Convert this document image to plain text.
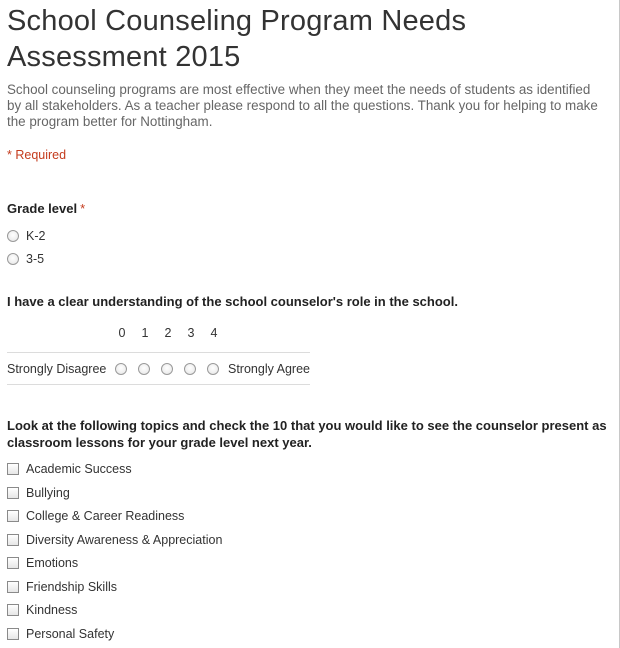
School Counseling Program Needs
Assessment 2015
School counseling programs are most effective when they meet the needs of students as identified by all stakeholders. As a teacher please respond to all the questions. Thank you for helping to make the program better for Nottingham.
* Required
Grade level *
K-2
3-5
I have a clear understanding of the school counselor's role in the school.
0 1 2 3 4
Strongly Disagree	Strongly Agree
Look at the following topics and check the 10 that you would like to see the counselor present as classroom lessons for your grade level next year.
Academic Success
Bullying
College & Career Readiness
Diversity Awareness & Appreciation
Emotions
Friendship Skills
Kindness
Personal Safety
